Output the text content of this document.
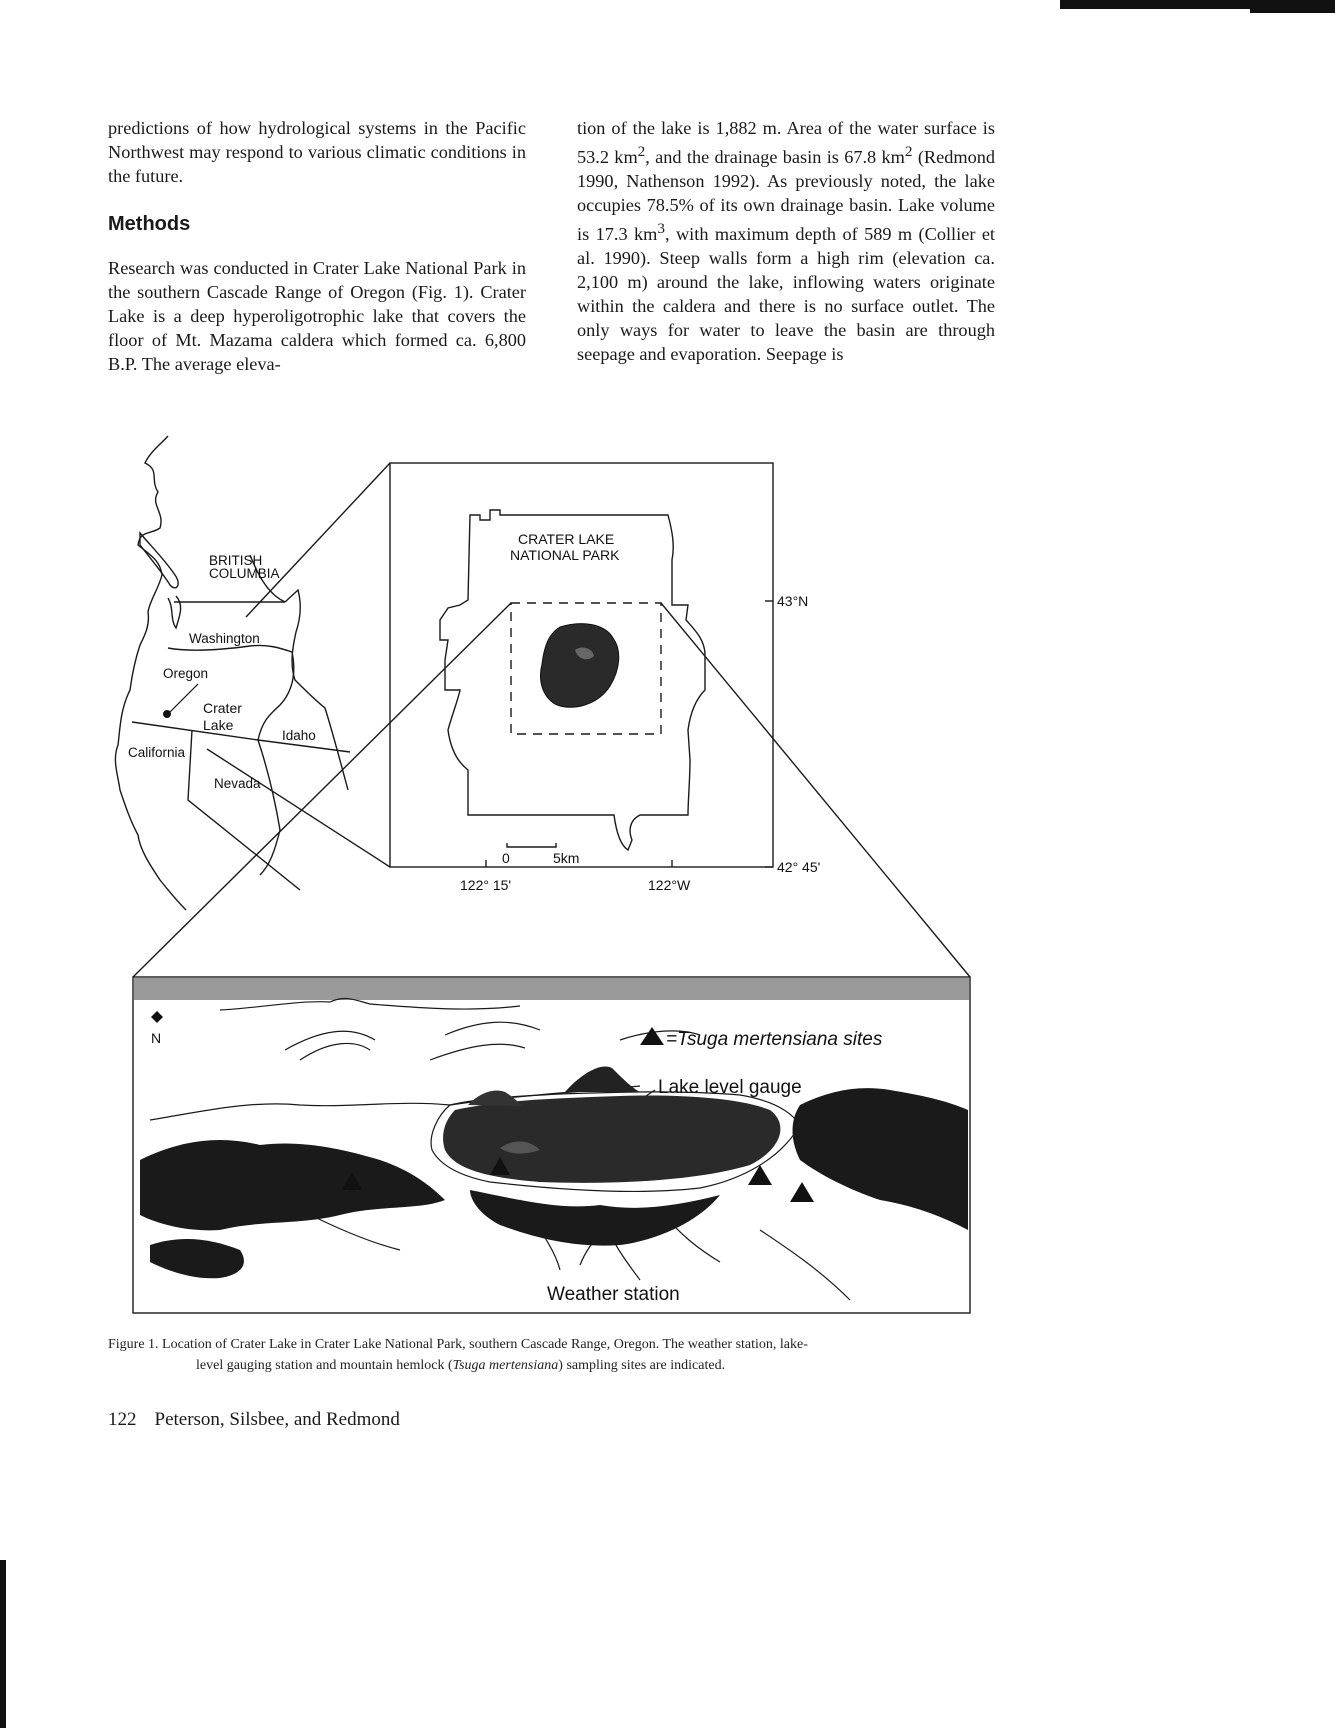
predictions of how hydrological systems in the Pacific Northwest may respond to various climatic conditions in the future.

Methods

Research was conducted in Crater Lake National Park in the southern Cascade Range of Oregon (Fig. 1). Crater Lake is a deep hyperoligotrophic lake that covers the floor of Mt. Mazama caldera which formed ca. 6,800 B.P. The average eleva-

tion of the lake is 1,882 m. Area of the water surface is 53.2 $km^2$, and the drainage basin is 67.8 $km^2$ (Redmond 1990, Nathenson 1992). As previously noted, the lake occupies 78.5% of its own drainage basin. Lake volume is 17.3 $km^3$, with maximum depth of 589 m (Collier et al. 1990). Steep walls form a high rim (elevation ca. 2,100 m) around the lake, inflowing waters originate within the caldera and there is no surface outlet. The only ways for water to leave the basin are through seepage and evaporation. Seepage is

N
BRITISH
COLUMBIA
Washington
Oregon
Crater
Lake
Idaho
California
Nevada
CRATER LAKE
NATIONAL PARK
43°N
42° 45'
122° 15'	122°W
0	5km
=Tsuga mertensiana sites
Lake level gauge
Weather station
Figure 1. Location of Crater Lake in Crater Lake National Park, southern Cascade Range, Oregon. The weather station, lake-
level gauging station and mountain hemlock (Tsuga mertensiana) sampling sites are indicated.
122 Peterson, Silsbee, and Redmond
